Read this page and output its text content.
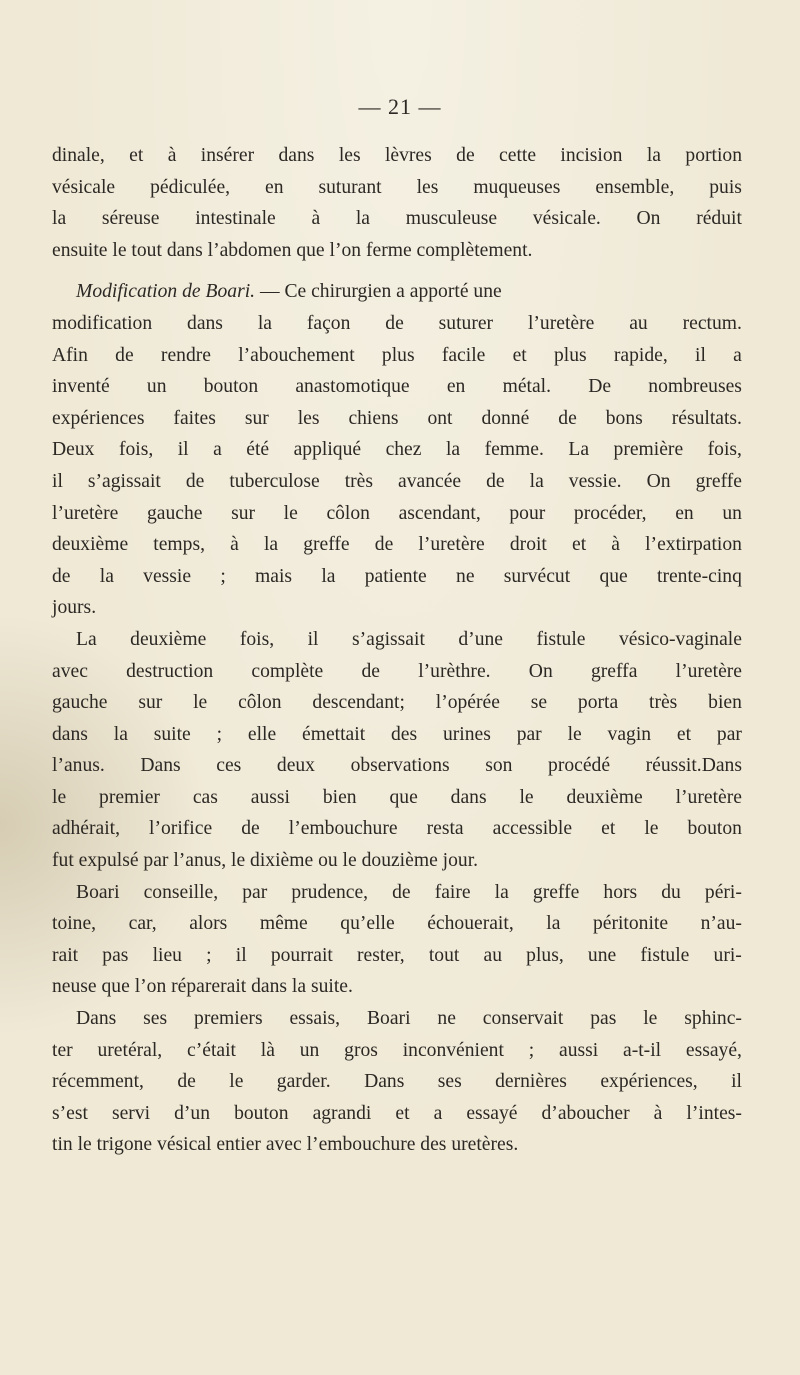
— 21 —
dinale, et à insérer dans les lèvres de cette incision la portion
vésicale pédiculée, en suturant les muqueuses ensemble, puis
la séreuse intestinale à la musculeuse vésicale. On réduit
ensuite le tout dans l’abdomen que l’on ferme complètement.
Modification de Boari. — Ce chirurgien a apporté une
modification dans la façon de suturer l’uretère au rectum.
Afin de rendre l’abouchement plus facile et plus rapide, il a
inventé un bouton anastomotique en métal. De nombreuses
expériences faites sur les chiens ont donné de bons résultats.
Deux fois, il a été appliqué chez la femme. La première fois,
il s’agissait de tuberculose très avancée de la vessie. On greffe
l’uretère gauche sur le côlon ascendant, pour procéder, en un
deuxième temps, à la greffe de l’uretère droit et à l’extirpation
de la vessie ; mais la patiente ne survécut que trente-cinq
jours.
La deuxième fois, il s’agissait d’une fistule vésico-vaginale
avec destruction complète de l’urèthre. On greffa l’uretère
gauche sur le côlon descendant; l’opérée se porta très bien
dans la suite ; elle émettait des urines par le vagin et par
l’anus. Dans ces deux observations son procédé réussit.Dans
le premier cas aussi bien que dans le deuxième l’uretère
adhérait, l’orifice de l’embouchure resta accessible et le bouton
fut expulsé par l’anus, le dixième ou le douzième jour.
Boari conseille, par prudence, de faire la greffe hors du péri-
toine, car, alors même qu’elle échouerait, la péritonite n’au-
rait pas lieu ; il pourrait rester, tout au plus, une fistule uri-
neuse que l’on réparerait dans la suite.
Dans ses premiers essais, Boari ne conservait pas le sphinc-
ter uretéral, c’était là un gros inconvénient ; aussi a-t-il essayé,
récemment, de le garder. Dans ses dernières expériences, il
s’est servi d’un bouton agrandi et a essayé d’aboucher à l’intes-
tin le trigone vésical entier avec l’embouchure des uretères.
